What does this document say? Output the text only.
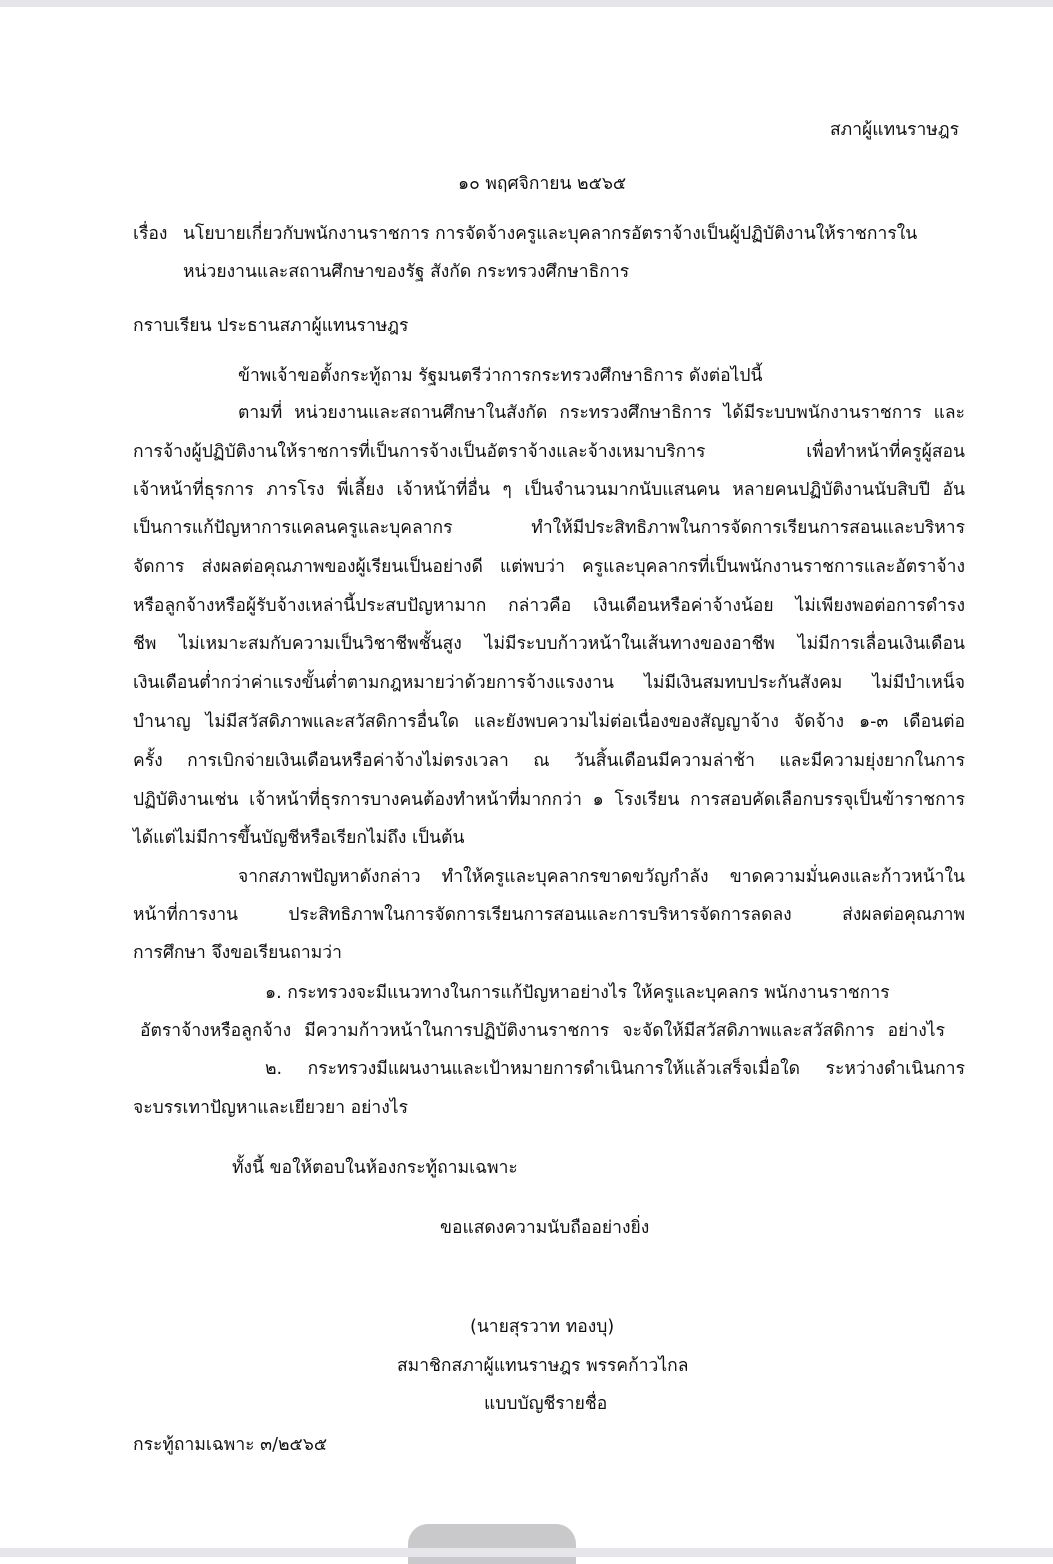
สภาผู้แทนราษฎร
๑๐ พฤศจิกายน ๒๕๖๕
เรื่อง นโยบายเกี่ยวกับพนักงานราชการ การจัดจ้างครูและบุคลากรอัตราจ้างเป็นผู้ปฏิบัติงานให้ราชการใน
หน่วยงานและสถานศึกษาของรัฐ สังกัด กระทรวงศึกษาธิการ
กราบเรียน ประธานสภาผู้แทนราษฎร
ข้าพเจ้าขอตั้งกระทู้ถาม รัฐมนตรีว่าการกระทรวงศึกษาธิการ ดังต่อไปนี้
ตามที่ หน่วยงานและสถานศึกษาในสังกัด กระทรวงศึกษาธิการ ได้มีระบบพนักงานราชการ และ
การจ้างผู้ปฏิบัติงานให้ราชการที่เป็นการจ้างเป็นอัตราจ้างและจ้างเหมาบริการ เพื่อทำหน้าที่ครูผู้สอน
เจ้าหน้าที่ธุรการ ภารโรง พี่เลี้ยง เจ้าหน้าที่อื่น ๆ เป็นจำนวนมากนับแสนคน หลายคนปฏิบัติงานนับสิบปี อัน
เป็นการแก้ปัญหาการแคลนครูและบุคลากร ทำให้มีประสิทธิภาพในการจัดการเรียนการสอนและบริหาร
จัดการ ส่งผลต่อคุณภาพของผู้เรียนเป็นอย่างดี แต่พบว่า ครูและบุคลากรที่เป็นพนักงานราชการและอัตราจ้าง
หรือลูกจ้างหรือผู้รับจ้างเหล่านี้ประสบปัญหามาก กล่าวคือ เงินเดือนหรือค่าจ้างน้อย ไม่เพียงพอต่อการดำรง
ชีพ ไม่เหมาะสมกับความเป็นวิชาชีพชั้นสูง ไม่มีระบบก้าวหน้าในเส้นทางของอาชีพ ไม่มีการเลื่อนเงินเดือน
เงินเดือนต่ำกว่าค่าแรงขั้นต่ำตามกฎหมายว่าด้วยการจ้างแรงงาน ไม่มีเงินสมทบประกันสังคม ไม่มีบำเหน็จ
บำนาญ ไม่มีสวัสดิภาพและสวัสดิการอื่นใด และยังพบความไม่ต่อเนื่องของสัญญาจ้าง จัดจ้าง ๑-๓ เดือนต่อ
ครั้ง การเบิกจ่ายเงินเดือนหรือค่าจ้างไม่ตรงเวลา ณ วันสิ้นเดือนมีความล่าช้า และมีความยุ่งยากในการ
ปฏิบัติงานเช่น เจ้าหน้าที่ธุรการบางคนต้องทำหน้าที่มากกว่า ๑ โรงเรียน การสอบคัดเลือกบรรจุเป็นข้าราชการ
ได้แต่ไม่มีการขึ้นบัญชีหรือเรียกไม่ถึง เป็นต้น
จากสภาพปัญหาดังกล่าว ทำให้ครูและบุคลากรขาดขวัญกำลัง ขาดความมั่นคงและก้าวหน้าใน
หน้าที่การงาน ประสิทธิภาพในการจัดการเรียนการสอนและการบริหารจัดการลดลง ส่งผลต่อคุณภาพ
การศึกษา จึงขอเรียนถามว่า
๑. กระทรวงจะมีแนวทางในการแก้ปัญหาอย่างไร ให้ครูและบุคลกร พนักงานราชการ
อัตราจ้างหรือลูกจ้าง มีความก้าวหน้าในการปฏิบัติงานราชการ จะจัดให้มีสวัสดิภาพและสวัสดิการ อย่างไร
๒. กระทรวงมีแผนงานและเป้าหมายการดำเนินการให้แล้วเสร็จเมื่อใด ระหว่างดำเนินการ
จะบรรเทาปัญหาและเยียวยา อย่างไร
ทั้งนี้ ขอให้ตอบในห้องกระทู้ถามเฉพาะ
ขอแสดงความนับถืออย่างยิ่ง
(นายสุรวาท ทองบุ)
สมาชิกสภาผู้แทนราษฎร พรรคก้าวไกล
แบบบัญชีรายชื่อ
กระทู้ถามเฉพาะ ๓/๒๕๖๕
